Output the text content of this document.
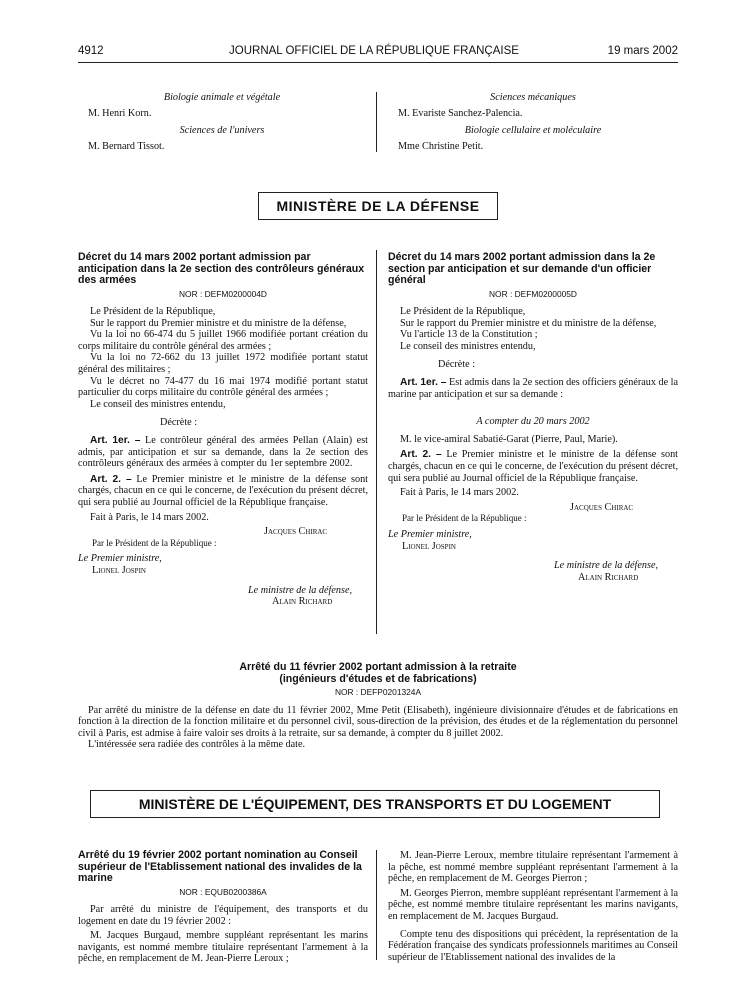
4912	JOURNAL OFFICIEL DE LA RÉPUBLIQUE FRANÇAISE	19 mars 2002
Biologie animale et végétale
M. Henri Korn.
Sciences de l'univers
M. Bernard Tissot.
Sciences mécaniques
M. Evariste Sanchez-Palencia.
Biologie cellulaire et moléculaire
Mme Christine Petit.
MINISTÈRE DE LA DÉFENSE
Décret du 14 mars 2002 portant admission par anticipation dans la 2e section des contrôleurs généraux des armées
NOR : DEFM0200004D

Le Président de la République,

Sur le rapport du Premier ministre et du ministre de la défense,

Vu la loi no 66-474 du 5 juillet 1966 modifiée portant création du corps militaire du contrôle général des armées ;

Vu la loi no 72-662 du 13 juillet 1972 modifiée portant statut général des militaires ;

Vu le décret no 74-477 du 16 mai 1974 modifié portant statut particulier du corps militaire du contrôle général des armées ;

Le conseil des ministres entendu,

Décrète :

Art. 1er. – Le contrôleur général des armées Pellan (Alain) est admis, par anticipation et sur sa demande, dans la 2e section des contrôleurs généraux des armées à compter du 1er septembre 2002.

Art. 2. – Le Premier ministre et le ministre de la défense sont chargés, chacun en ce qui le concerne, de l'exécution du présent décret, qui sera publié au Journal officiel de la République française.

Fait à Paris, le 14 mars 2002.

Jacques Chirac
Par le Président de la République :
Le Premier ministre,
Lionel Jospin
Le ministre de la défense,
Alain Richard
Décret du 14 mars 2002 portant admission dans la 2e section par anticipation et sur demande d'un officier général
NOR : DEFM0200005D

Le Président de la République,

Sur le rapport du Premier ministre et du ministre de la défense,

Vu l'article 13 de la Constitution ;

Le conseil des ministres entendu,

Décrète :

Art. 1er. – Est admis dans la 2e section des officiers généraux de la marine par anticipation et sur sa demande :

A compter du 20 mars 2002

M. le vice-amiral Sabatié-Garat (Pierre, Paul, Marie).

Art. 2. – Le Premier ministre et le ministre de la défense sont chargés, chacun en ce qui le concerne, de l'exécution du présent décret, qui sera publié au Journal officiel de la République française.

Fait à Paris, le 14 mars 2002.

Jacques Chirac
Par le Président de la République :
Le Premier ministre,
Lionel Jospin
Le ministre de la défense,
Alain Richard
Arrêté du 11 février 2002 portant admission à la retraite
(ingénieurs d'études et de fabrications)
NOR : DEFP0201324A

Par arrêté du ministre de la défense en date du 11 février 2002, Mme Petit (Elisabeth), ingénieure divisionnaire d'études et de fabrications en fonction à la direction de la fonction militaire et du personnel civil, sous-direction de la prévision, des études et de la réglementation du personnel civil à Paris, est admise à faire valoir ses droits à la retraite, sur sa demande, à compter du 8 juillet 2002.

L'intéressée sera radiée des contrôles à la même date.

MINISTÈRE DE L'ÉQUIPEMENT, DES TRANSPORTS ET DU LOGEMENT
Arrêté du 19 février 2002 portant nomination au Conseil supérieur de l'Etablissement national des invalides de la marine
NOR : EQUB0200386A

Par arrêté du ministre de l'équipement, des transports et du logement en date du 19 février 2002 :

M. Jacques Burgaud, membre suppléant représentant les marins navigants, est nommé membre titulaire représentant l'armement à la pêche, en remplacement de M. Jean-Pierre Leroux ;

M. Jean-Pierre Leroux, membre titulaire représentant l'armement à la pêche, est nommé membre suppléant représentant l'armement à la pêche, en remplacement de M. Georges Pierron ;

M. Georges Pierron, membre suppléant représentant l'armement à la pêche, est nommé membre titulaire représentant les marins navigants, en remplacement de M. Jacques Burgaud.

Compte tenu des dispositions qui précèdent, la représentation de la Fédération française des syndicats professionnels maritimes au Conseil supérieur de l'Etablissement national des invalides de la
